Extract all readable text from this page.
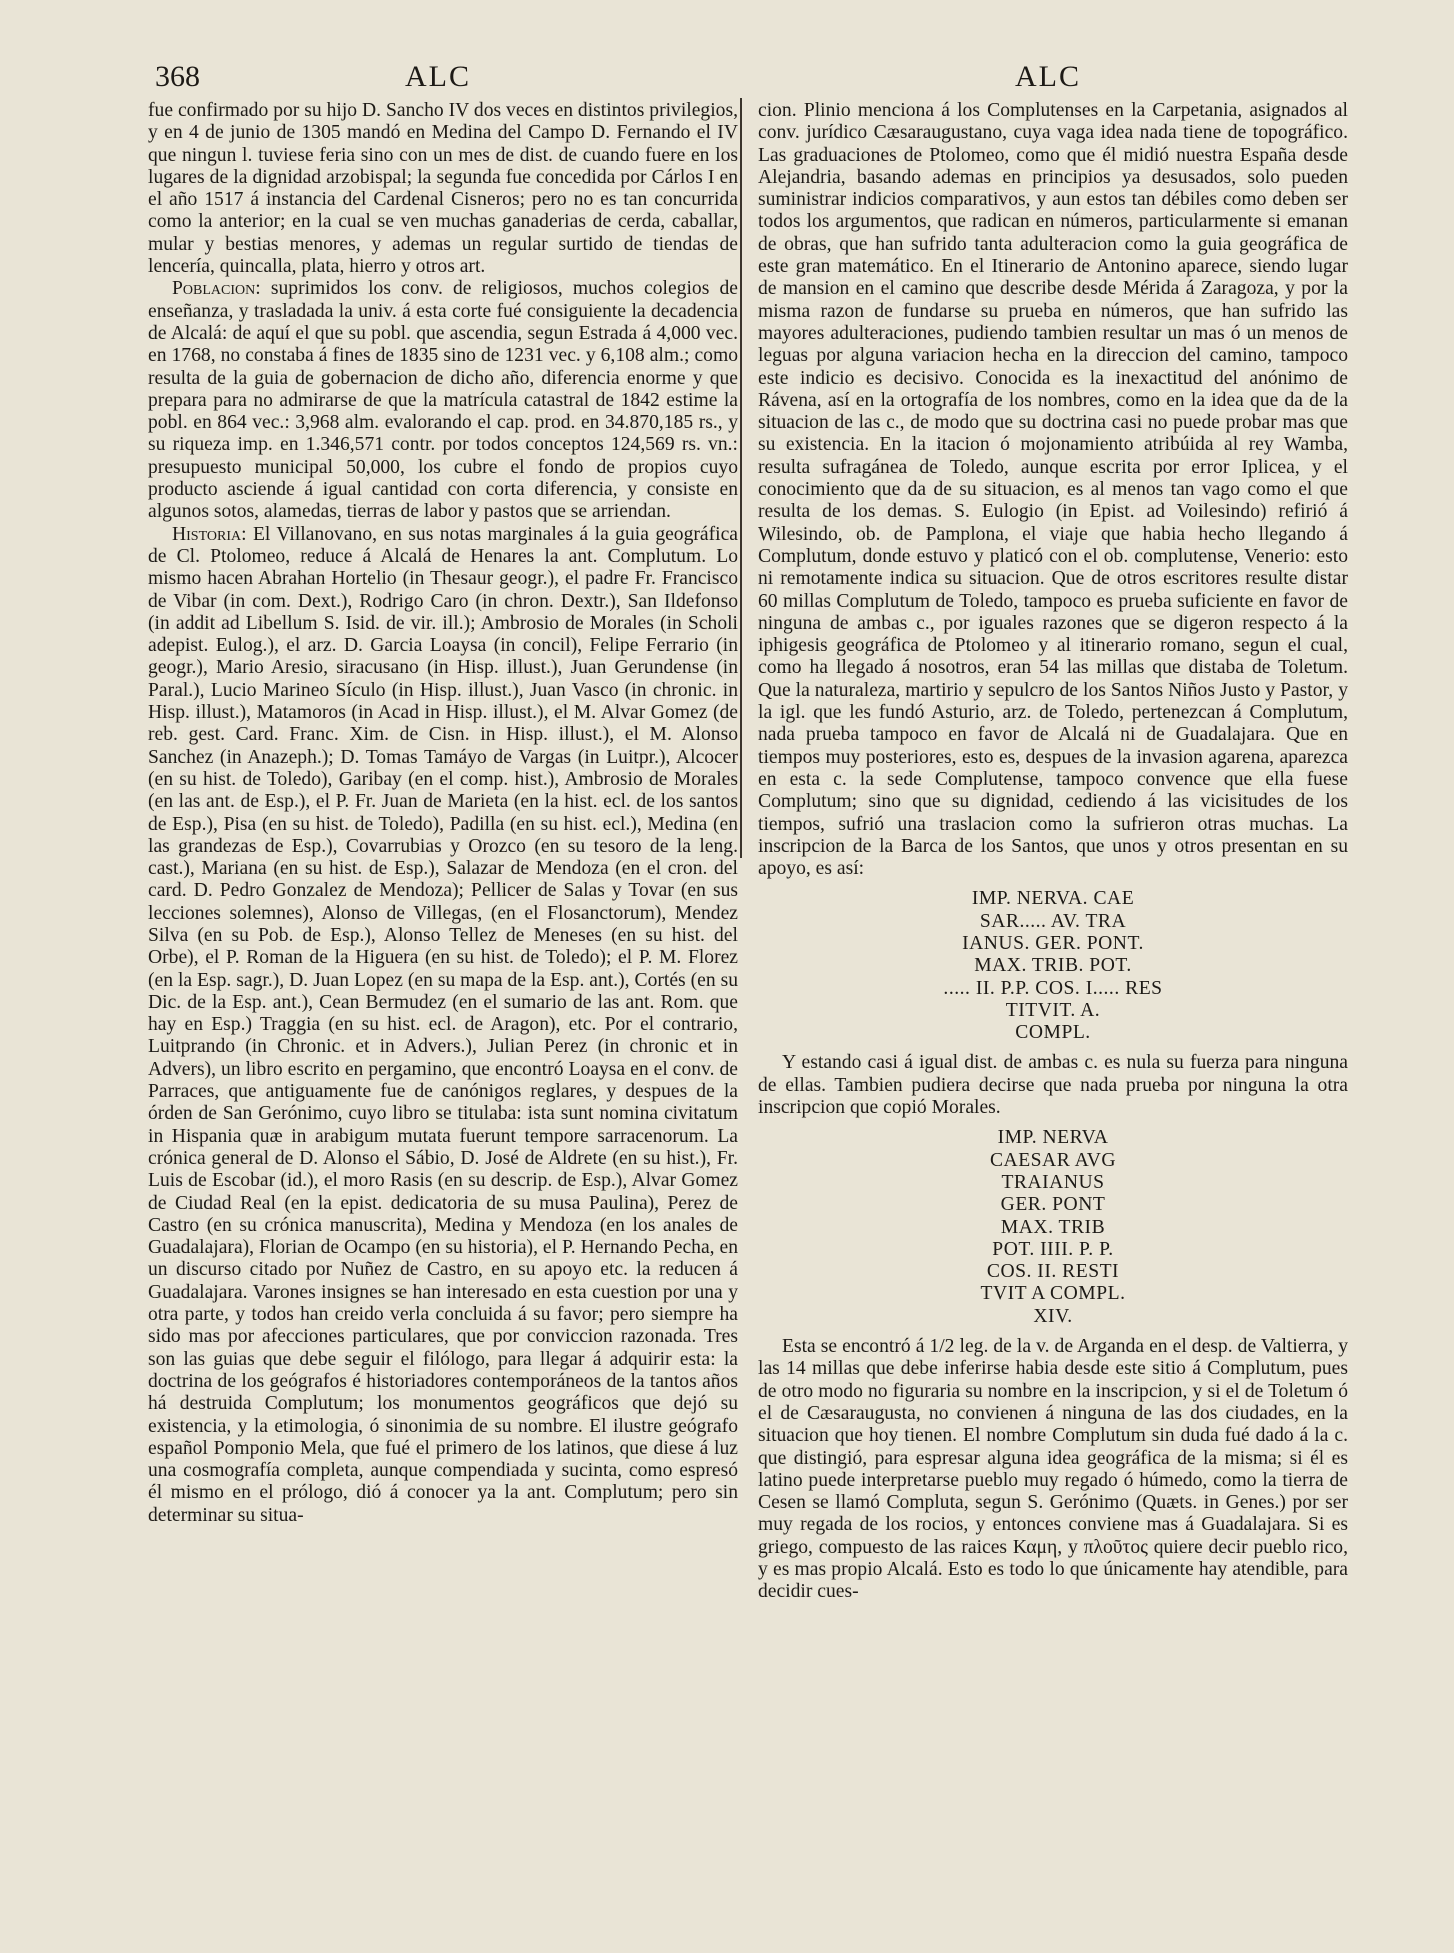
368	ALC	ALC

fue confirmado por su hijo D. Sancho IV dos veces en distintos privilegios, y en 4 de junio de 1305 mandó en Medina del Campo D. Fernando el IV que ningun l. tuviese feria sino con un mes de dist. de cuando fuere en los lugares de la dignidad arzobispal; la segunda fue concedida por Cárlos I en el año 1517 á instancia del Cardenal Cisneros; pero no es tan concurrida como la anterior; en la cual se ven muchas ganaderias de cerda, caballar, mular y bestias menores, y ademas un regular surtido de tiendas de lencería, quincalla, plata, hierro y otros art.

Poblacion: suprimidos los conv. de religiosos, muchos colegios de enseñanza, y trasladada la univ. á esta corte fué consiguiente la decadencia de Alcalá: de aquí el que su pobl. que ascendia, segun Estrada á 4,000 vec. en 1768, no constaba á fines de 1835 sino de 1231 vec. y 6,108 alm.; como resulta de la guia de gobernacion de dicho año, diferencia enorme y que prepara para no admirarse de que la matrícula catastral de 1842 estime la pobl. en 864 vec.: 3,968 alm. evalorando el cap. prod. en 34.870,185 rs., y su riqueza imp. en 1.346,571 contr. por todos conceptos 124,569 rs. vn.: presupuesto municipal 50,000, los cubre el fondo de propios cuyo producto asciende á igual cantidad con corta diferencia, y consiste en algunos sotos, alamedas, tierras de labor y pastos que se arriendan.

Historia: El Villanovano, en sus notas marginales á la guia geográfica de Cl. Ptolomeo, reduce á Alcalá de Henares la ant. Complutum. Lo mismo hacen Abrahan Hortelio (in Thesaur geogr.), el padre Fr. Francisco de Vibar (in com. Dext.), Rodrigo Caro (in chron. Dextr.), San Ildefonso (in addit ad Libellum S. Isid. de vir. ill.); Ambrosio de Morales (in Scholi adepist. Eulog.), el arz. D. Garcia Loaysa (in concil), Felipe Ferrario (in geogr.), Mario Aresio, siracusano (in Hisp. illust.), Juan Gerundense (in Paral.), Lucio Marineo Sículo (in Hisp. illust.), Juan Vasco (in chronic. in Hisp. illust.), Matamoros (in Acad in Hisp. illust.), el M. Alvar Gomez (de reb. gest. Card. Franc. Xim. de Cisn. in Hisp. illust.), el M. Alonso Sanchez (in Anazeph.); D. Tomas Tamáyo de Vargas (in Luitpr.), Alcocer (en su hist. de Toledo), Garibay (en el comp. hist.), Ambrosio de Morales (en las ant. de Esp.), el P. Fr. Juan de Marieta (en la hist. ecl. de los santos de Esp.), Pisa (en su hist. de Toledo), Padilla (en su hist. ecl.), Medina (en las grandezas de Esp.), Covarrubias y Orozco (en su tesoro de la leng. cast.), Mariana (en su hist. de Esp.), Salazar de Mendoza (en el cron. del card. D. Pedro Gonzalez de Mendoza); Pellicer de Salas y Tovar (en sus lecciones solemnes), Alonso de Villegas, (en el Flosanctorum), Mendez Silva (en su Pob. de Esp.), Alonso Tellez de Meneses (en su hist. del Orbe), el P. Roman de la Higuera (en su hist. de Toledo); el P. M. Florez (en la Esp. sagr.), D. Juan Lopez (en su mapa de la Esp. ant.), Cortés (en su Dic. de la Esp. ant.), Cean Bermudez (en el sumario de las ant. Rom. que hay en Esp.) Traggia (en su hist. ecl. de Aragon), etc. Por el contrario, Luitprando (in Chronic. et in Advers.), Julian Perez (in chronic et in Advers), un libro escrito en pergamino, que encontró Loaysa en el conv. de Parraces, que antiguamente fue de canónigos reglares, y despues de la órden de San Gerónimo, cuyo libro se titulaba: ista sunt nomina civitatum in Hispania quæ in arabigum mutata fuerunt tempore sarracenorum. La crónica general de D. Alonso el Sábio, D. José de Aldrete (en su hist.), Fr. Luis de Escobar (id.), el moro Rasis (en su descrip. de Esp.), Alvar Gomez de Ciudad Real (en la epist. dedicatoria de su musa Paulina), Perez de Castro (en su crónica manuscrita), Medina y Mendoza (en los anales de Guadalajara), Florian de Ocampo (en su historia), el P. Hernando Pecha, en un discurso citado por Nuñez de Castro, en su apoyo etc. la reducen á Guadalajara. Varones insignes se han interesado en esta cuestion por una y otra parte, y todos han creido verla concluida á su favor; pero siempre ha sido mas por afecciones particulares, que por conviccion razonada. Tres son las guias que debe seguir el filólogo, para llegar á adquirir esta: la doctrina de los geógrafos é historiadores contemporáneos de la tantos años há destruida Complutum; los monumentos geográficos que dejó su existencia, y la etimologia, ó sinonimia de su nombre. El ilustre geógrafo español Pomponio Mela, que fué el primero de los latinos, que diese á luz una cosmografía completa, aunque compendiada y sucinta, como espresó él mismo en el prólogo, dió á conocer ya la ant. Complutum; pero sin determinar su situa-

cion. Plinio menciona á los Complutenses en la Carpetania, asignados al conv. jurídico Cæsaraugustano, cuya vaga idea nada tiene de topográfico. Las graduaciones de Ptolomeo, como que él midió nuestra España desde Alejandria, basando ademas en principios ya desusados, solo pueden suministrar indicios comparativos, y aun estos tan débiles como deben ser todos los argumentos, que radican en números, particularmente si emanan de obras, que han sufrido tanta adulteracion como la guia geográfica de este gran matemático. En el Itinerario de Antonino aparece, siendo lugar de mansion en el camino que describe desde Mérida á Zaragoza, y por la misma razon de fundarse su prueba en números, que han sufrido las mayores adulteraciones, pudiendo tambien resultar un mas ó un menos de leguas por alguna variacion hecha en la direccion del camino, tampoco este indicio es decisivo. Conocida es la inexactitud del anónimo de Rávena, así en la ortografía de los nombres, como en la idea que da de la situacion de las c., de modo que su doctrina casi no puede probar mas que su existencia. En la itacion ó mojonamiento atribúida al rey Wamba, resulta sufragánea de Toledo, aunque escrita por error Iplicea, y el conocimiento que da de su situacion, es al menos tan vago como el que resulta de los demas. S. Eulogio (in Epist. ad Voilesindo) refirió á Wilesindo, ob. de Pamplona, el viaje que habia hecho llegando á Complutum, donde estuvo y platicó con el ob. complutense, Venerio: esto ni remotamente indica su situacion. Que de otros escritores resulte distar 60 millas Complutum de Toledo, tampoco es prueba suficiente en favor de ninguna de ambas c., por iguales razones que se digeron respecto á la iphigesis geográfica de Ptolomeo y al itinerario romano, segun el cual, como ha llegado á nosotros, eran 54 las millas que distaba de Toletum. Que la naturaleza, martirio y sepulcro de los Santos Niños Justo y Pastor, y la igl. que les fundó Asturio, arz. de Toledo, pertenezcan á Complutum, nada prueba tampoco en favor de Alcalá ni de Guadalajara. Que en tiempos muy posteriores, esto es, despues de la invasion agarena, aparezca en esta c. la sede Complutense, tampoco convence que ella fuese Complutum; sino que su dignidad, cediendo á las vicisitudes de los tiempos, sufrió una traslacion como la sufrieron otras muchas. La inscripcion de la Barca de los Santos, que unos y otros presentan en su apoyo, es así:

IMP. NERVA. CAE
SAR..... AV. TRA
IANUS. GER. PONT.
MAX. TRIB. POT.
..... II. P.P. COS. I..... RES
TITVIT. A.
COMPL.

Y estando casi á igual dist. de ambas c. es nula su fuerza para ninguna de ellas. Tambien pudiera decirse que nada prueba por ninguna la otra inscripcion que copió Morales.

IMP. NERVA
CAESAR AVG
TRAIANUS
GER. PONT
MAX. TRIB
POT. IIII. P. P.
COS. II. RESTI
TVIT A COMPL.
XIV.

Esta se encontró á 1/2 leg. de la v. de Arganda en el desp. de Valtierra, y las 14 millas que debe inferirse habia desde este sitio á Complutum, pues de otro modo no figuraria su nombre en la inscripcion, y si el de Toletum ó el de Cæsaraugusta, no convienen á ninguna de las dos ciudades, en la situacion que hoy tienen. El nombre Complutum sin duda fué dado á la c. que distingió, para espresar alguna idea geográfica de la misma; si él es latino puede interpretarse pueblo muy regado ó húmedo, como la tierra de Cesen se llamó Compluta, segun S. Gerónimo (Quæts. in Genes.) por ser muy regada de los rocios, y entonces conviene mas á Guadalajara. Si es griego, compuesto de las raices Καμη, y πλοῦτος quiere decir pueblo rico, y es mas propio Alcalá. Esto es todo lo que únicamente hay atendible, para decidir cues-
